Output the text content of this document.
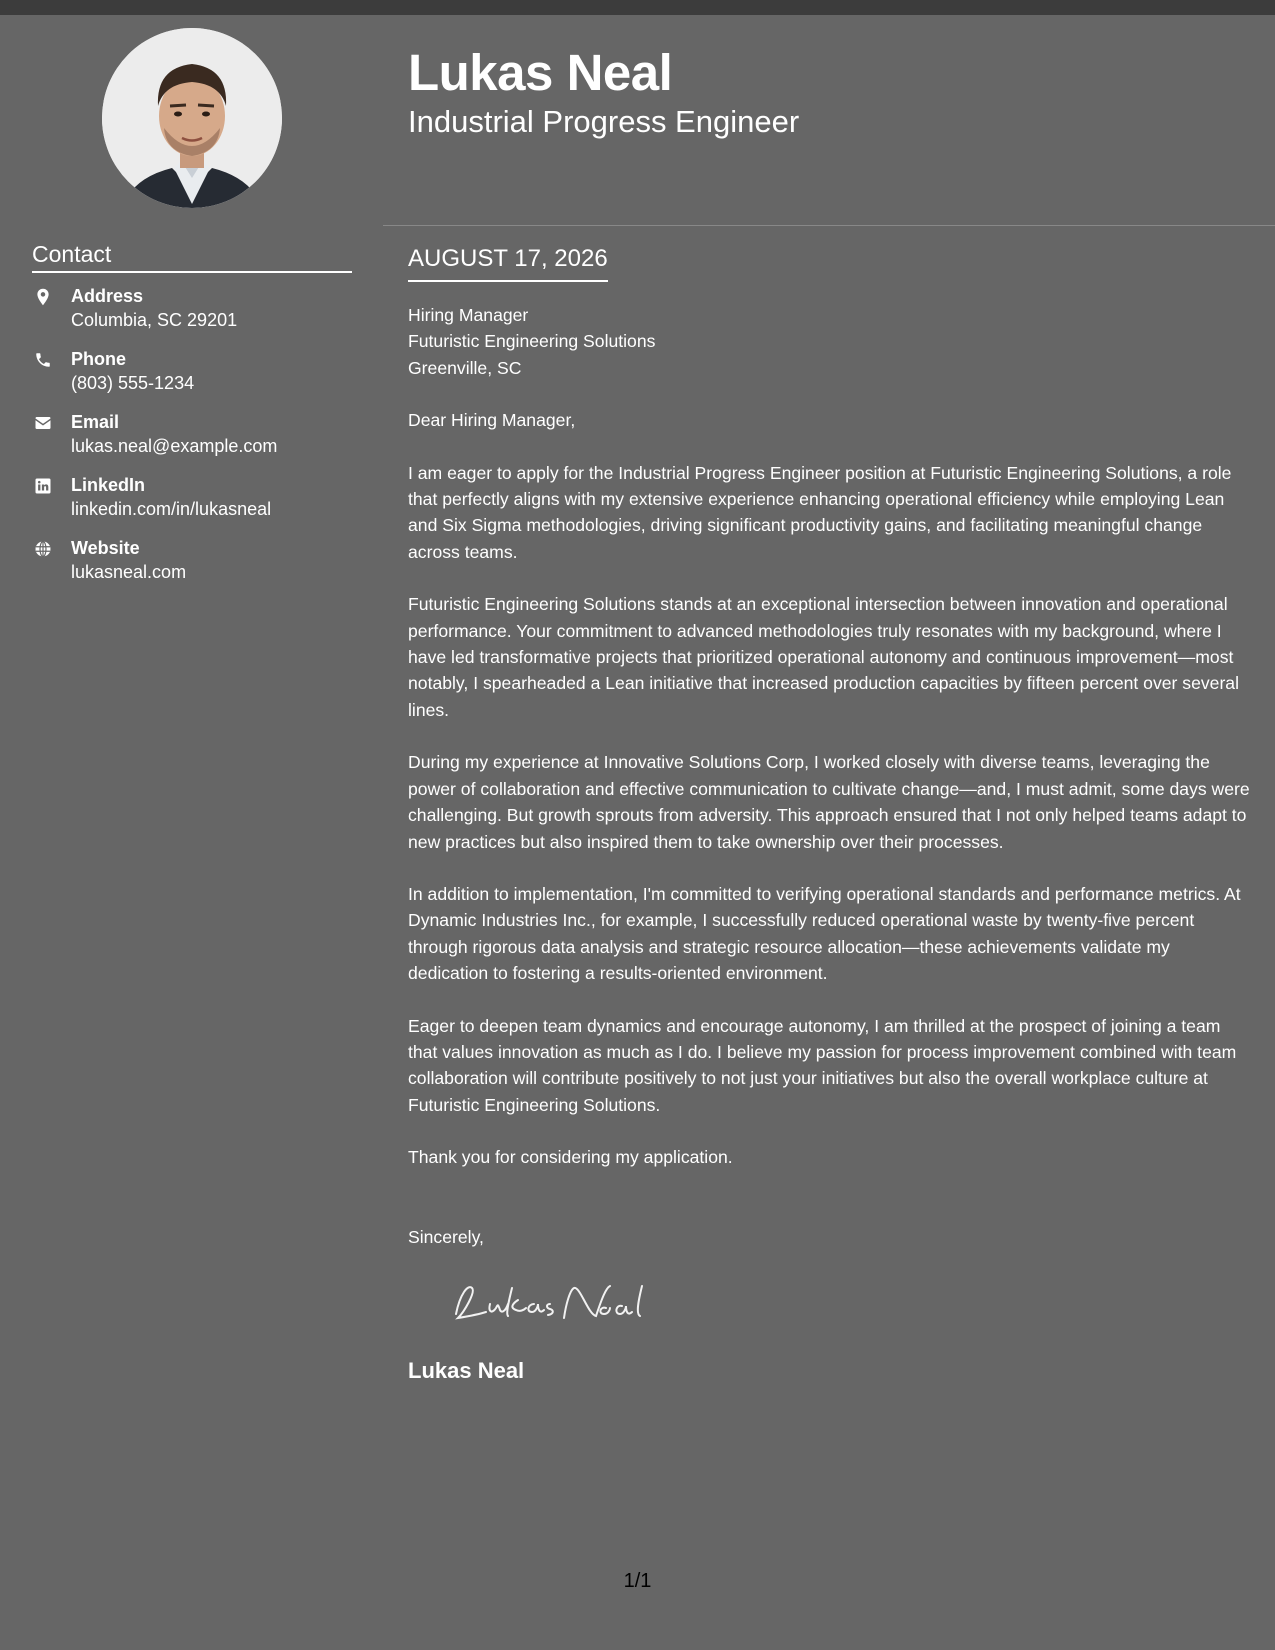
Contact
Address
Columbia, SC 29201
Phone
(803) 555-1234
Email
lukas.neal@example.com
LinkedIn
linkedin.com/in/lukasneal
Website
lukasneal.com
Lukas Neal
Industrial Progress Engineer
AUGUST 17, 2026

Hiring Manager

Futuristic Engineering Solutions

Greenville, SC

Dear Hiring Manager,

I am eager to apply for the Industrial Progress Engineer position at Futuristic Engineering Solutions, a role that perfectly aligns with my extensive experience enhancing operational efficiency while employing Lean and Six Sigma methodologies, driving significant productivity gains, and facilitating meaningful change across teams.

Futuristic Engineering Solutions stands at an exceptional intersection between innovation and operational performance. Your commitment to advanced methodologies truly resonates with my background, where I have led transformative projects that prioritized operational autonomy and continuous improvement—most notably, I spearheaded a Lean initiative that increased production capacities by fifteen percent over several lines.

During my experience at Innovative Solutions Corp, I worked closely with diverse teams, leveraging the power of collaboration and effective communication to cultivate change—and, I must admit, some days were challenging. But growth sprouts from adversity. This approach ensured that I not only helped teams adapt to new practices but also inspired them to take ownership over their processes.

In addition to implementation, I'm committed to verifying operational standards and performance metrics. At Dynamic Industries Inc., for example, I successfully reduced operational waste by twenty-five percent through rigorous data analysis and strategic resource allocation—these achievements validate my dedication to fostering a results-oriented environment.

Eager to deepen team dynamics and encourage autonomy, I am thrilled at the prospect of joining a team that values innovation as much as I do. I believe my passion for process improvement combined with team collaboration will contribute positively to not just your initiatives but also the overall workplace culture at Futuristic Engineering Solutions.

Thank you for considering my application.

Sincerely,

Lukas Neal

1/1
